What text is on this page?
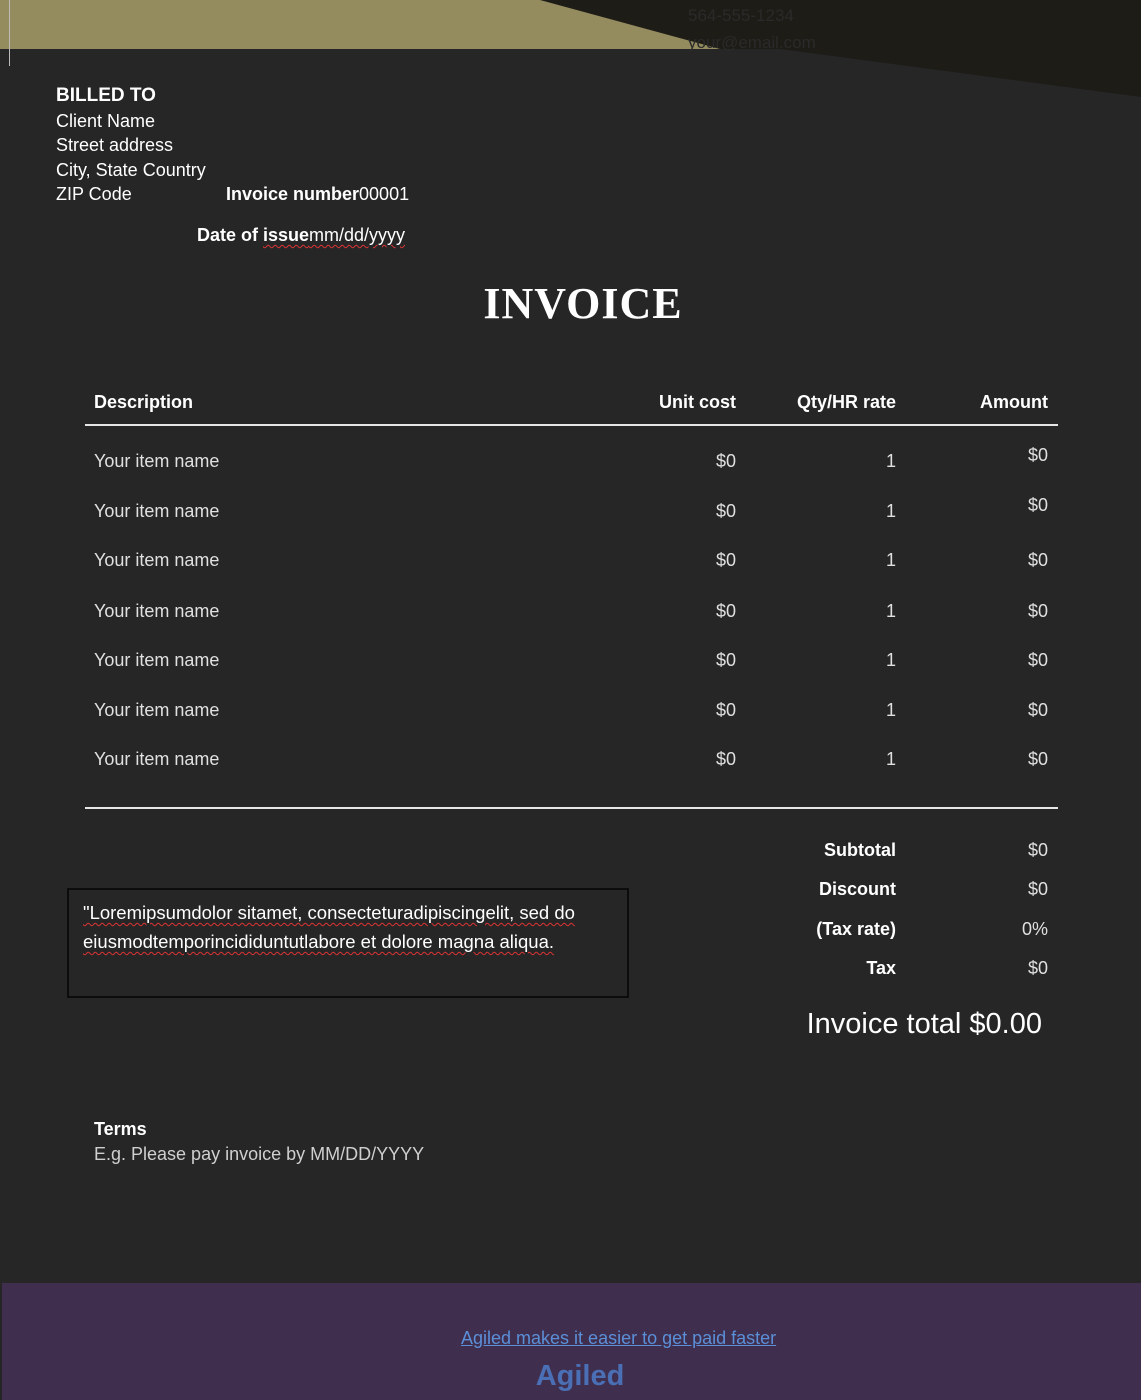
564-555-1234
your@email.com
BILLED TO
Client Name
Street address
City, State Country
ZIP Code	Invoice number00001
Date of issuemm/dd/yyyy
INVOICE
Description	Unit cost	Qty/HR rate	Amount
Your item name	$0	1	$0
Your item name	$0	1	$0
Your item name	$0	1	$0
Your item name	$0	1	$0
Your item name	$0	1	$0
Your item name	$0	1	$0
Your item name	$0	1	$0
"Loremipsumdolor sitamet, consecteturadipiscingelit, sed do
eiusmodtemporincididuntutlabore et dolore magna aliqua.
Subtotal	$0
Discount	$0
(Tax rate)	0%
Tax	$0
Invoice total $0.00
Terms
E.g. Please pay invoice by MM/DD/YYYY
Agiled makes it easier to get paid faster
Agiled
